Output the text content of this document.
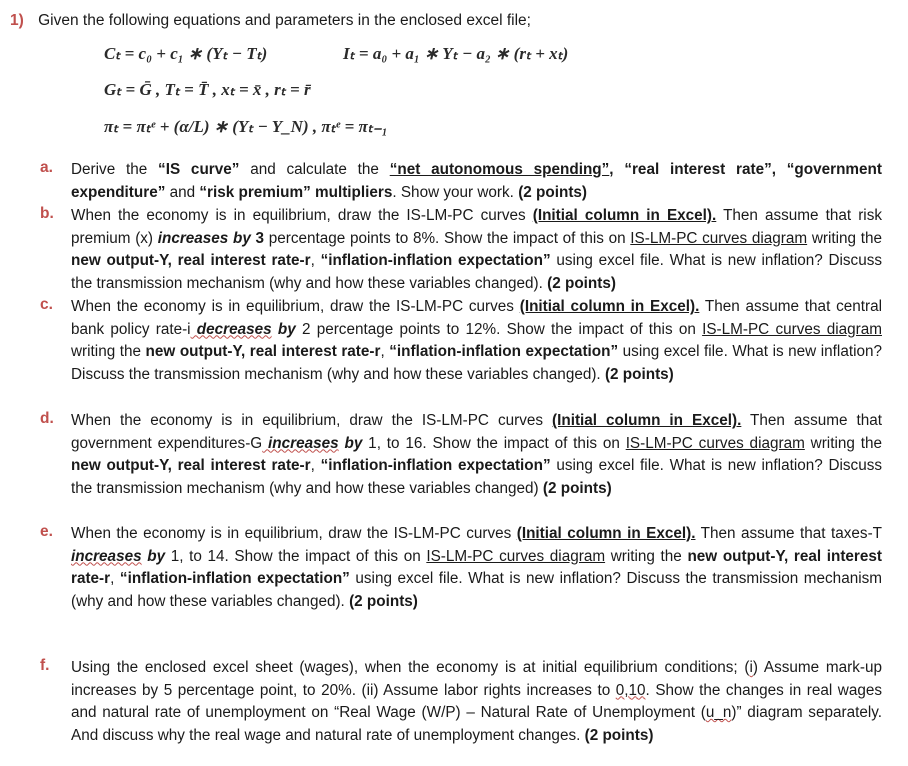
1) Given the following equations and parameters in the enclosed excel file;
Cₜ = c₀ + c₁ ∗ (Yₜ − Tₜ)	Iₜ = a₀ + a₁ ∗ Yₜ − a₂ ∗ (rₜ + xₜ)
Gₜ = Ḡ , Tₜ = T̄ , xₜ = x̄ , rₜ = r̄
πₜ = πₜᵉ + (α/L) ∗ (Yₜ − Y_N) , πₜᵉ = πₜ₋₁
a. Derive the “IS curve” and calculate the “net autonomous spending”, “real interest rate”, “government expenditure” and “risk premium” multipliers. Show your work. (2 points)
b. When the economy is in equilibrium, draw the IS-LM-PC curves (Initial column in Excel). Then assume that risk premium (x) increases by 3 percentage points to 8%. Show the impact of this on IS-LM-PC curves diagram writing the new output-Y, real interest rate-r, “inflation-inflation expectation” using excel file. What is new inflation? Discuss the transmission mechanism (why and how these variables changed). (2 points)
c. When the economy is in equilibrium, draw the IS-LM-PC curves (Initial column in Excel). Then assume that central bank policy rate-i decreases by 2 percentage points to 12%. Show the impact of this on IS-LM-PC curves diagram writing the new output-Y, real interest rate-r, “inflation-inflation expectation” using excel file. What is new inflation? Discuss the transmission mechanism (why and how these variables changed). (2 points)
d. When the economy is in equilibrium, draw the IS-LM-PC curves (Initial column in Excel). Then assume that government expenditures-G increases by 1, to 16. Show the impact of this on IS-LM-PC curves diagram writing the new output-Y, real interest rate-r, “inflation-inflation expectation” using excel file. What is new inflation? Discuss the transmission mechanism (why and how these variables changed) (2 points)
e. When the economy is in equilibrium, draw the IS-LM-PC curves (Initial column in Excel). Then assume that taxes-T increases by 1, to 14. Show the impact of this on IS-LM-PC curves diagram writing the new output-Y, real interest rate-r, “inflation-inflation expectation” using excel file. What is new inflation? Discuss the transmission mechanism (why and how these variables changed). (2 points)
f. Using the enclosed excel sheet (wages), when the economy is at initial equilibrium conditions; (i) Assume mark-up increases by 5 percentage point, to 20%. (ii) Assume labor rights increases to 0,10. Show the changes in real wages and natural rate of unemployment on “Real Wage (W/P) – Natural Rate of Unemployment (u_n)” diagram separately. And discuss why the real wage and natural rate of unemployment changes. (2 points)
